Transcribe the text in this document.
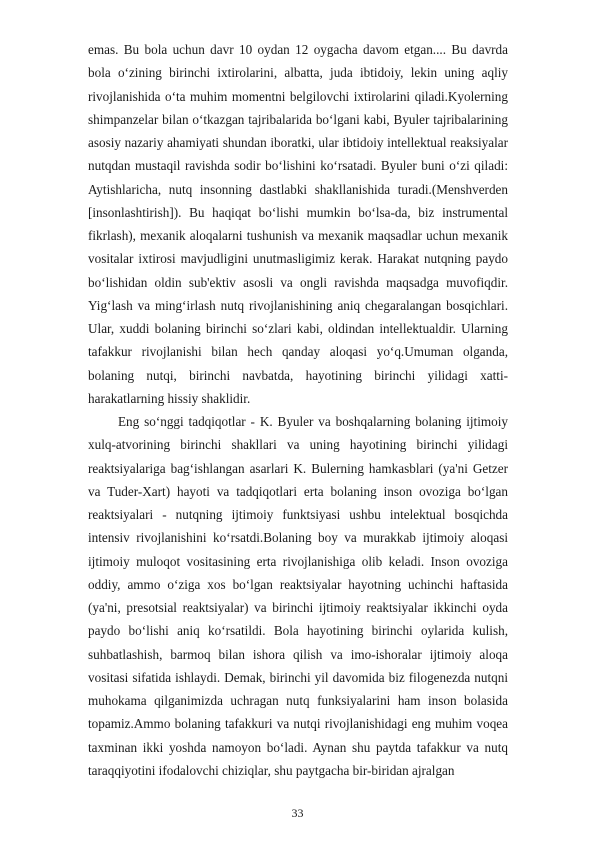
emas. Bu bola uchun davr 10 oydan 12 oygacha davom etgan.... Bu davrda bola o‘zining birinchi ixtirolarini, albatta, juda ibtidoiy, lekin uning aqliy rivojlanishida o‘ta muhim momentni belgilovchi ixtirolarini qiladi.Kyolerning shimpanzelar bilan o‘tkazgan tajribalarida bo‘lgani kabi, Byuler tajribalarining asosiy nazariy ahamiyati shundan iboratki, ular ibtidoiy intellektual reaksiyalar nutqdan mustaqil ravishda sodir bo‘lishini ko‘rsatadi. Byuler buni o‘zi qiladi: Aytishlaricha, nutq insonning dastlabki shakllanishida turadi.(Menshverden [insonlashtirish]). Bu haqiqat bo‘lishi mumkin bo‘lsa-da, biz instrumental fikrlash), mexanik aloqalarni tushunish va mexanik maqsadlar uchun mexanik vositalar ixtirosi mavjudligini unutmasligimiz kerak. Harakat nutqning paydo bo‘lishidan oldin sub'ektiv asosli va ongli ravishda maqsadga muvofiqdir. Yig‘lash va ming‘irlash nutq rivojlanishining aniq chegaralangan bosqichlari. Ular, xuddi bolaning birinchi so‘zlari kabi, oldindan intellektualdir. Ularning tafakkur rivojlanishi bilan hech qanday aloqasi yo‘q.Umuman olganda, bolaning nutqi, birinchi navbatda, hayotining birinchi yilidagi xatti-harakatlarning hissiy shaklidir.

Eng so‘nggi tadqiqotlar - K. Byuler va boshqalarning bolaning ijtimoiy xulq-atvorining birinchi shakllari va uning hayotining birinchi yilidagi reaktsiyalariga bag‘ishlangan asarlari K. Bulerning hamkasblari (ya'ni Getzer va Tuder-Xart) hayoti va tadqiqotlari erta bolaning inson ovoziga bo‘lgan reaktsiyalari - nutqning ijtimoiy funktsiyasi ushbu intelektual bosqichda intensiv rivojlanishini ko‘rsatdi.Bolaning boy va murakkab ijtimoiy aloqasi ijtimoiy muloqot vositasining erta rivojlanishiga olib keladi. Inson ovoziga oddiy, ammo o‘ziga xos bo‘lgan reaktsiyalar hayotning uchinchi haftasida (ya'ni, presotsial reaktsiyalar) va birinchi ijtimoiy reaktsiyalar ikkinchi oyda paydo bo‘lishi aniq ko‘rsatildi. Bola hayotining birinchi oylarida kulish, suhbatlashish, barmoq bilan ishora qilish va imo-ishoralar ijtimoiy aloqa vositasi sifatida ishlaydi. Demak, birinchi yil davomida biz filogenezda nutqni muhokama qilganimizda uchragan nutq funksiyalarini ham inson bolasida topamiz.Ammo bolaning tafakkuri va nutqi rivojlanishidagi eng muhim voqea taxminan ikki yoshda namoyon bo‘ladi. Aynan shu paytda tafakkur va nutq taraqqiyotini ifodalovchi chiziqlar, shu paytgacha bir-biridan ajralgan

33
